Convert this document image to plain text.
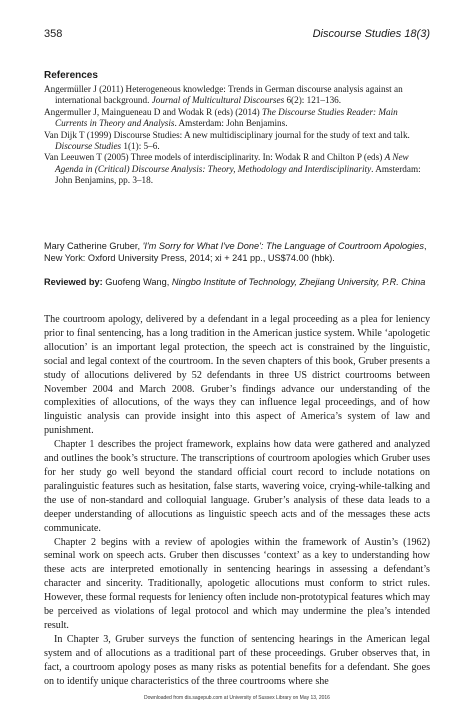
358	Discourse Studies 18(3)
References

Angermüller J (2011) Heterogeneous knowledge: Trends in German discourse analysis against an international background. Journal of Multicultural Discourses 6(2): 121–136.

Angermuller J, Maingueneau D and Wodak R (eds) (2014) The Discourse Studies Reader: Main Currents in Theory and Analysis. Amsterdam: John Benjamins.

Van Dijk T (1999) Discourse Studies: A new multidisciplinary journal for the study of text and talk. Discourse Studies 1(1): 5–6.

Van Leeuwen T (2005) Three models of interdisciplinarity. In: Wodak R and Chilton P (eds) A New Agenda in (Critical) Discourse Analysis: Theory, Methodology and Interdisciplinarity. Amsterdam: John Benjamins, pp. 3–18.

Mary Catherine Gruber, 'I'm Sorry for What I've Done': The Language of Courtroom Apologies, New York: Oxford University Press, 2014; xi + 241 pp., US$74.00 (hbk).
Reviewed by: Guofeng Wang, Ningbo Institute of Technology, Zhejiang University, P.R. China

The courtroom apology, delivered by a defendant in a legal proceeding as a plea for leniency prior to final sentencing, has a long tradition in the American justice system. While ‘apologetic allocution’ is an important legal protection, the speech act is constrained by the linguistic, social and legal context of the courtroom. In the seven chapters of this book, Gruber presents a study of allocutions delivered by 52 defendants in three US district courtrooms between November 2004 and March 2008. Gruber’s findings advance our understanding of the complexities of allocutions, of the ways they can influence legal proceedings, and of how linguistic analysis can provide insight into this aspect of America’s system of law and punishment.

Chapter 1 describes the project framework, explains how data were gathered and analyzed and outlines the book’s structure. The transcriptions of courtroom apologies which Gruber uses for her study go well beyond the standard official court record to include notations on paralinguistic features such as hesitation, false starts, wavering voice, crying-while-talking and the use of non-standard and colloquial language. Gruber’s analysis of these data leads to a deeper understanding of allocutions as linguistic speech acts and of the messages these acts communicate.

Chapter 2 begins with a review of apologies within the framework of Austin’s (1962) seminal work on speech acts. Gruber then discusses ‘context’ as a key to understanding how these acts are interpreted emotionally in sentencing hearings in assessing a defendant’s character and sincerity. Traditionally, apologetic allocutions must conform to strict rules. However, these formal requests for leniency often include non-prototypical features which may be perceived as violations of legal protocol and which may undermine the plea’s intended result.

In Chapter 3, Gruber surveys the function of sentencing hearings in the American legal system and of allocutions as a traditional part of these proceedings. Gruber observes that, in fact, a courtroom apology poses as many risks as potential benefits for a defendant. She goes on to identify unique characteristics of the three courtrooms where she

Downloaded from dis.sagepub.com at University of Sussex Library on May 13, 2016
